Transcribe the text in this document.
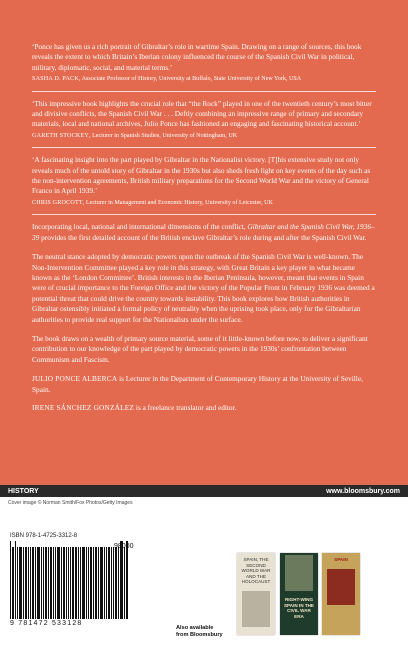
‘Ponce has given us a rich portrait of Gibraltar’s role in wartime Spain. Drawing on a range of sources, this book reveals the extent to which Britain’s Iberian colony influenced the course of the Spanish Civil War in political, military, diplomatic, social, and material terms.’

SASHA D. PACK, Associate Professor of History, University at Buffalo, State University of New York, USA

‘This impressive book highlights the crucial role that “the Rock” played in one of the twentieth century’s most bitter and divisive conflicts, the Spanish Civil War . . . Deftly combining an impressive range of primary and secondary materials, local and national archives, Julio Ponce has fashioned an engaging and fascinating historical account.’

GARETH STOCKEY, Lecturer in Spanish Studies, University of Nottingham, UK

‘A fascinating insight into the part played by Gibraltar in the Nationalist victory. [T]his extensive study not only reveals much of the untold story of Gibraltar in the 1930s but also sheds fresh light on key events of the day such as the non-intervention agreements, British military preparations for the Second World War and the victory of General Franco in April 1939.’

CHRIS GROCOTT, Lecturer in Management and Economic History, University of Leicester, UK

Incorporating local, national and international dimensions of the conflict, Gibraltar and the Spanish Civil War, 1936–39 provides the first detailed account of the British enclave Gibraltar’s role during and after the Spanish Civil War.

The neutral stance adopted by democratic powers upon the outbreak of the Spanish Civil War is well-known. The Non-Intervention Committee played a key role in this strategy, with Great Britain a key player in what became known as the ‘London Committee’. British interests in the Iberian Peninsula, however, meant that events in Spain were of crucial importance to the Foreign Office and the victory of the Popular Front in February 1936 was deemed a potential threat that could drive the country towards instability. This book explores how British authorities in Gibraltar ostensibly initiated a formal policy of neutrality when the uprising took place, only for the Gibraltarian authorities to provide real support for the Nationalists under the surface.

The book draws on a wealth of primary source material, some of it little-known before now, to deliver a significant contribution to our knowledge of the part played by democratic powers in the 1930s’ confrontation between Communism and Fascism.

JULIO PONCE ALBERCA is Lecturer in the Department of Contemporary History at the University of Seville, Spain.

IRENE SÁNCHEZ GONZÁLEZ is a freelance translator and editor.

HISTORY	www.bloomsbury.com
Cover image © Norman Smith/Fox Photos/Getty Images
ISBN 978-1-4725-3312-8
98000
9 781472 533128
Also available
from Bloomsbury
SPAIN, THE SECOND WORLD WAR AND THE HOLOCAUST
RIGHT-WING SPAIN IN THE CIVIL WAR ERA
SPAIN
